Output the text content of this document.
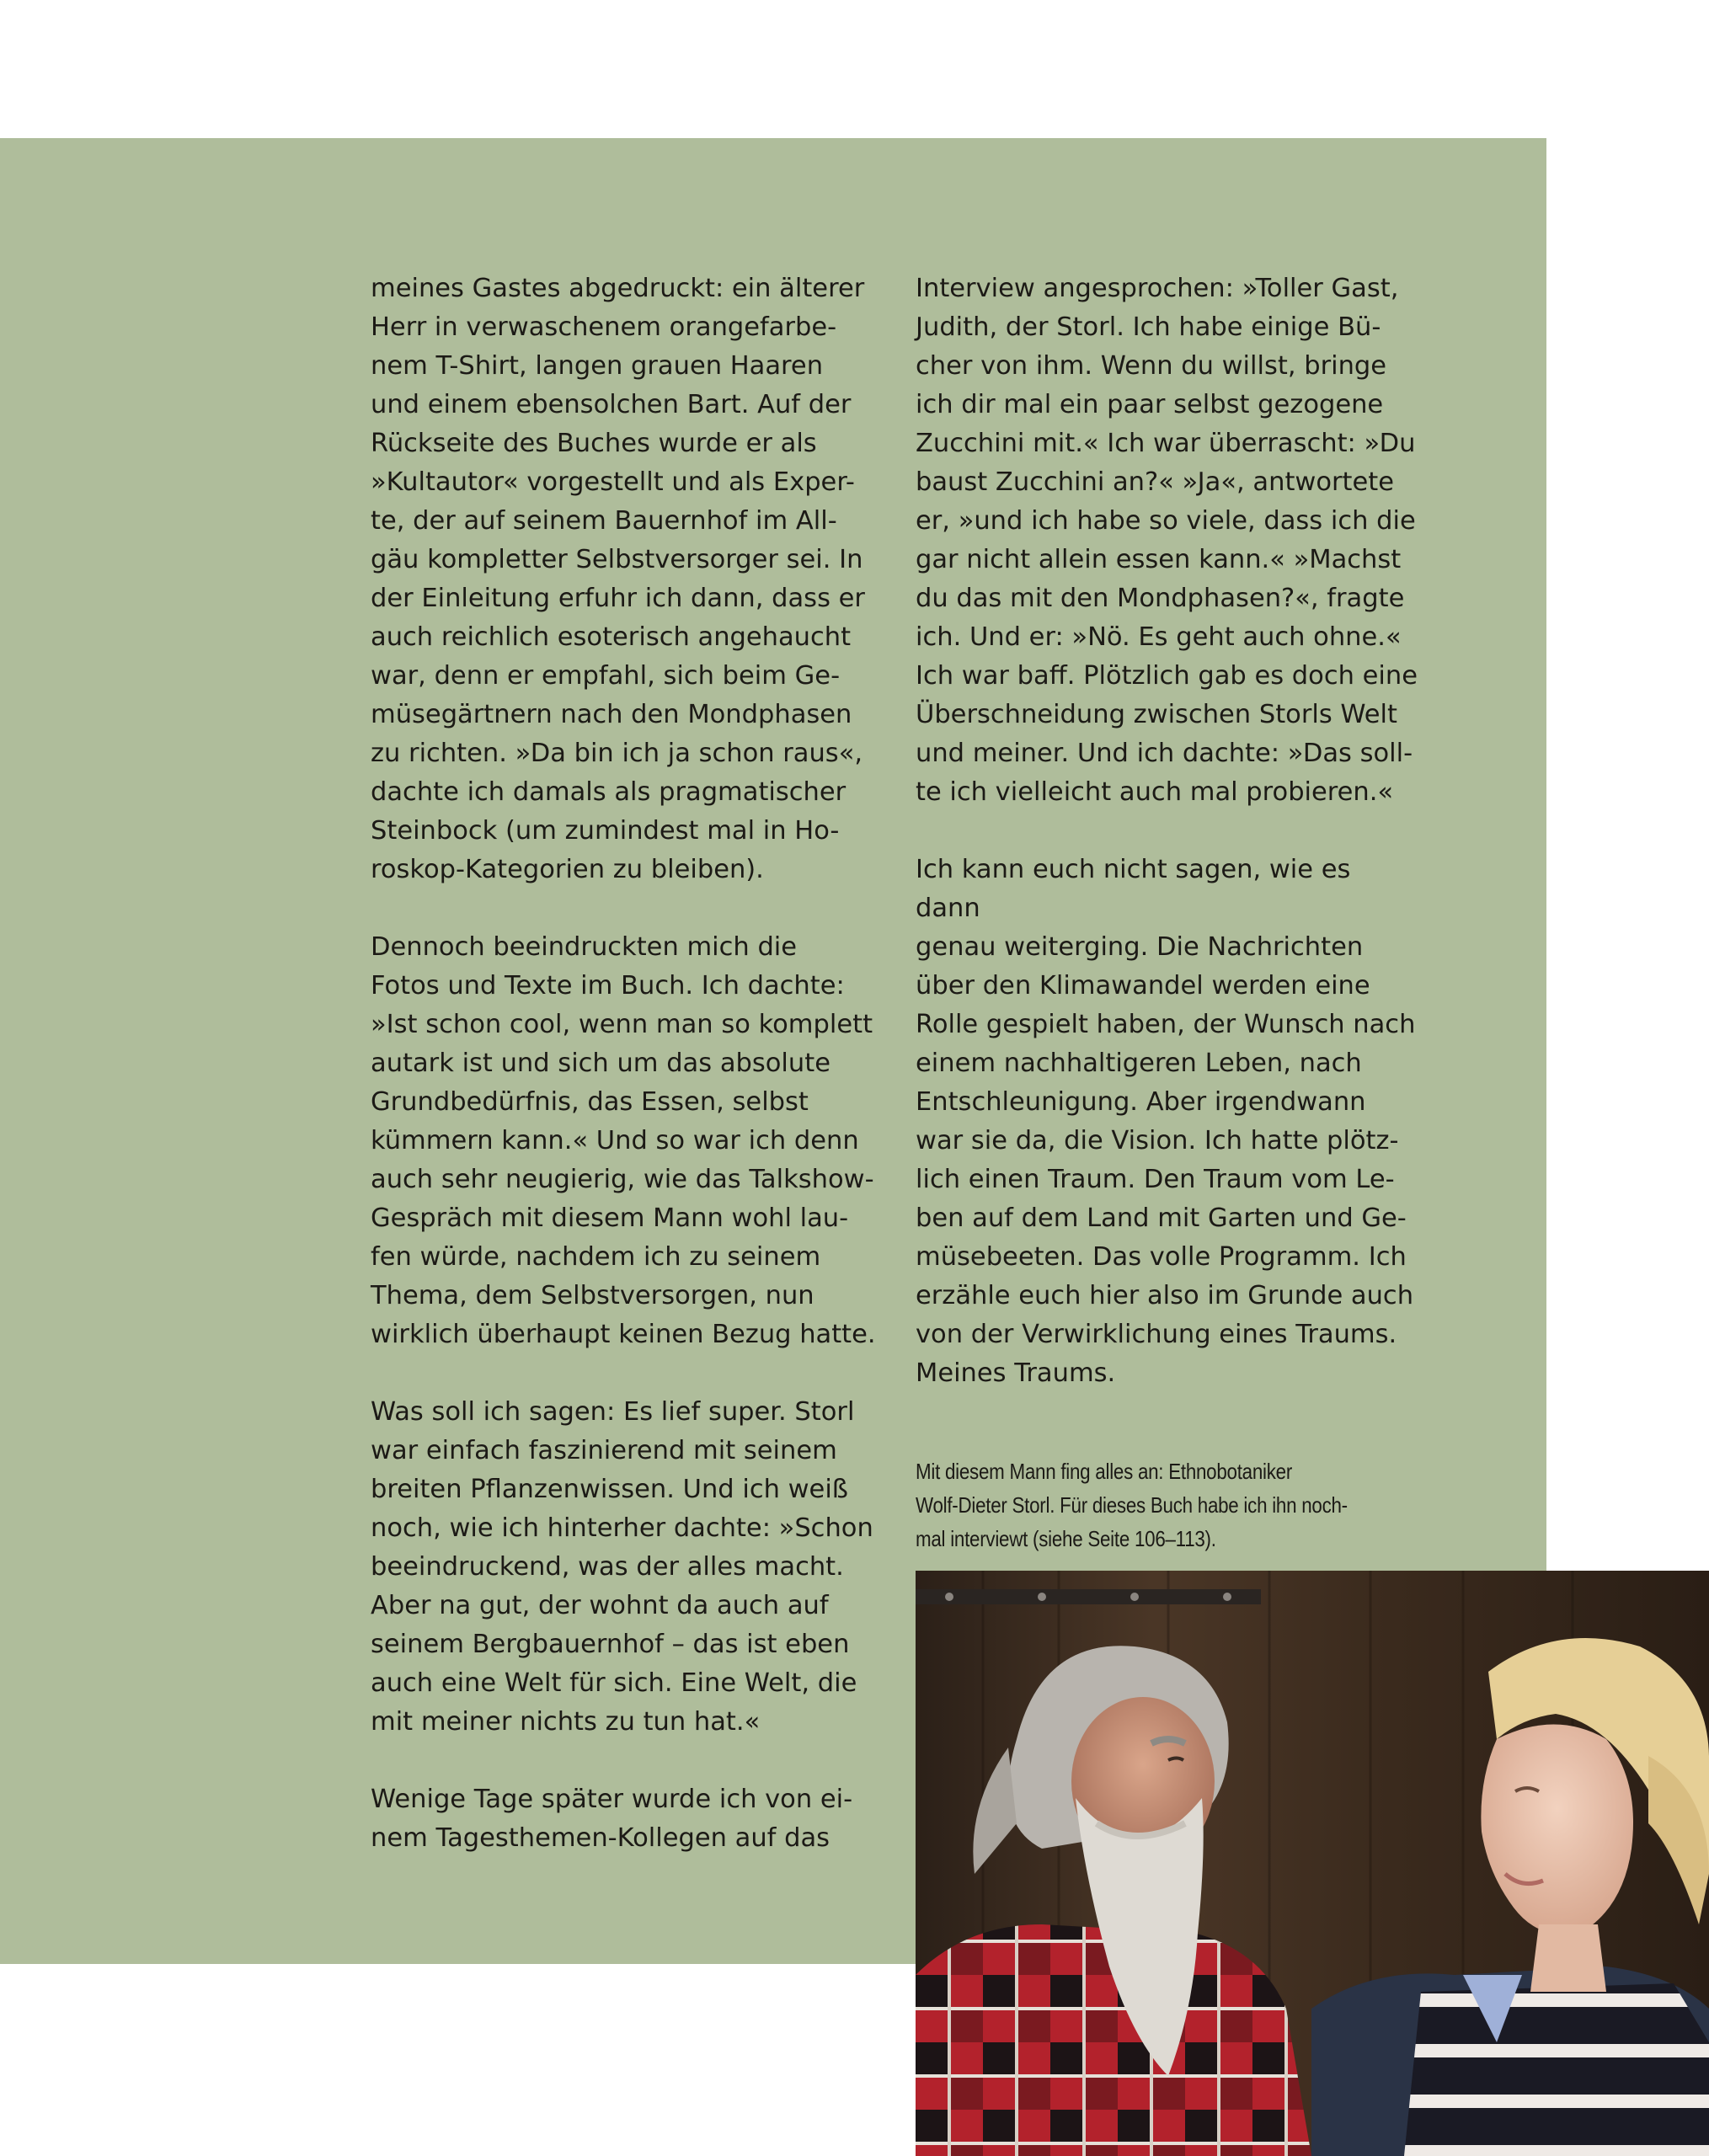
meines Gastes abgedruckt: ein älterer
Herr in verwaschenem orangefarbe-
nem T-Shirt, langen grauen Haaren
und einem ebensolchen Bart. Auf der
Rückseite des Buches wurde er als
»Kultautor« vorgestellt und als Exper-
te, der auf seinem Bauernhof im All-
gäu kompletter Selbstversorger sei. In
der Einleitung erfuhr ich dann, dass er
auch reichlich esoterisch angehaucht
war, denn er empfahl, sich beim Ge-
müsegärtnern nach den Mondphasen
zu richten. »Da bin ich ja schon raus«,
dachte ich damals als pragmatischer
Steinbock (um zumindest mal in Ho-
roskop-Kategorien zu bleiben).

Dennoch beeindruckten mich die
Fotos und Texte im Buch. Ich dachte:
»Ist schon cool, wenn man so komplett
autark ist und sich um das absolute
Grundbedürfnis, das Essen, selbst
kümmern kann.« Und so war ich denn
auch sehr neugierig, wie das Talkshow-
Gespräch mit diesem Mann wohl lau-
fen würde, nachdem ich zu seinem
Thema, dem Selbstversorgen, nun
wirklich überhaupt keinen Bezug hatte.

Was soll ich sagen: Es lief super. Storl
war einfach faszinierend mit seinem
breiten Pflanzenwissen. Und ich weiß
noch, wie ich hinterher dachte: »Schon
beeindruckend, was der alles macht.
Aber na gut, der wohnt da auch auf
seinem Bergbauernhof – das ist eben
auch eine Welt für sich. Eine Welt, die
mit meiner nichts zu tun hat.«

Wenige Tage später wurde ich von ei-
nem Tagesthemen-Kollegen auf das

Interview angesprochen: »Toller Gast,
Judith, der Storl. Ich habe einige Bü-
cher von ihm. Wenn du willst, bringe
ich dir mal ein paar selbst gezogene
Zucchini mit.« Ich war überrascht: »Du
baust Zucchini an?« »Ja«, antwortete
er, »und ich habe so viele, dass ich die
gar nicht allein essen kann.« »Machst
du das mit den Mondphasen?«, fragte
ich. Und er: »Nö. Es geht auch ohne.«
Ich war baff. Plötzlich gab es doch eine
Überschneidung zwischen Storls Welt
und meiner. Und ich dachte: »Das soll-
te ich vielleicht auch mal probieren.«

Ich kann euch nicht sagen, wie es dann
genau weiterging. Die Nachrichten
über den Klimawandel werden eine
Rolle gespielt haben, der Wunsch nach
einem nachhaltigeren Leben, nach
Entschleunigung. Aber irgendwann
war sie da, die Vision. Ich hatte plötz-
lich einen Traum. Den Traum vom Le-
ben auf dem Land mit Garten und Ge-
müsebeeten. Das volle Programm. Ich
erzähle euch hier also im Grunde auch
von der Verwirklichung eines Traums.
Meines Traums.

Mit diesem Mann fing alles an: Ethnobotaniker
Wolf-Dieter Storl. Für dieses Buch habe ich ihn noch-
mal interviewt (siehe Seite 106–113).
